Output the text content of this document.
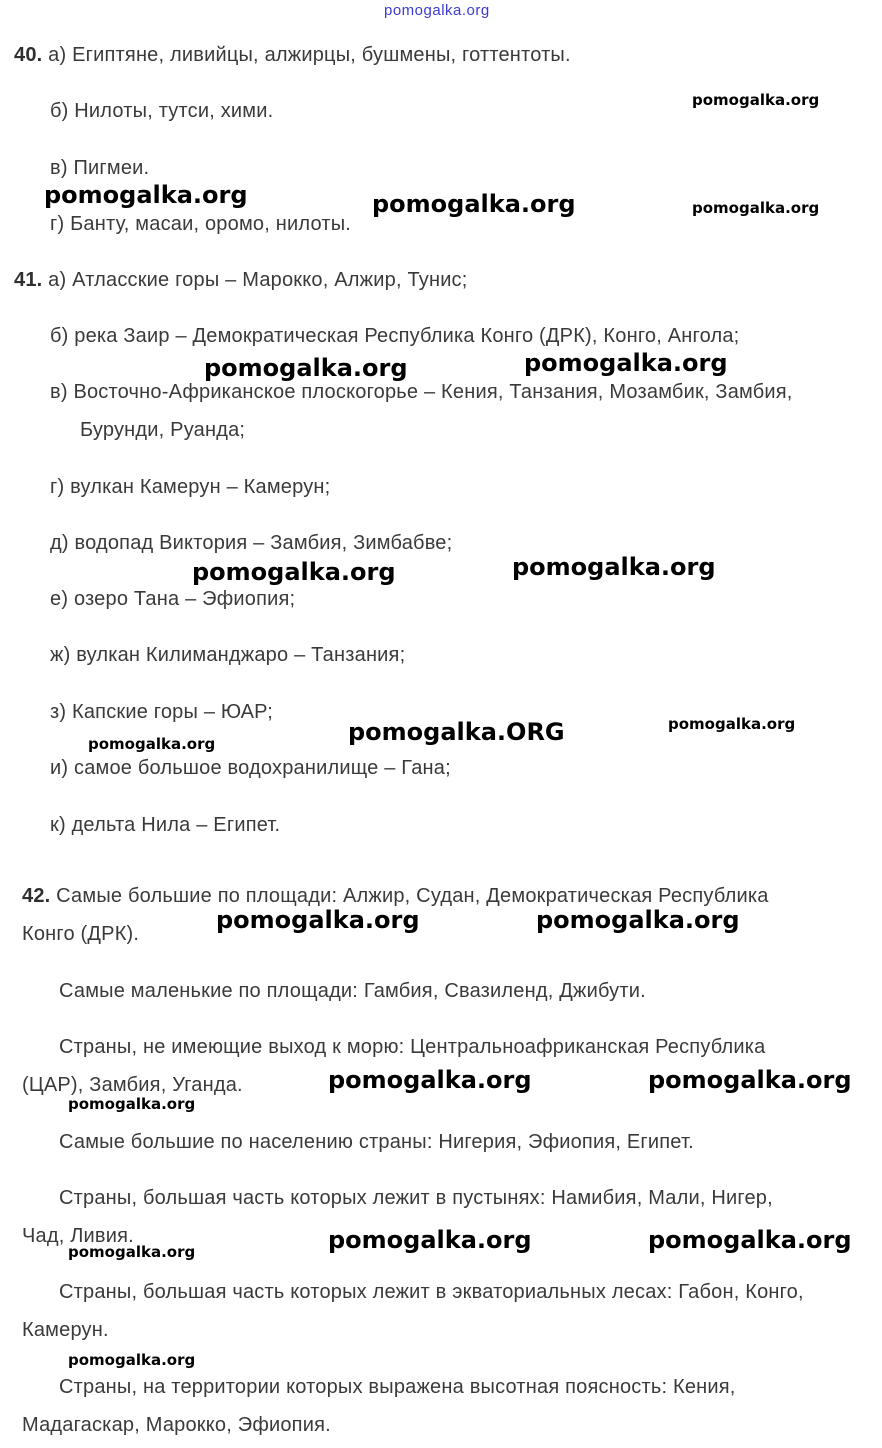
pomogalka.org
40. а) Египтяне, ливийцы, алжирцы, бушмены, готтентоты.
б) Нилоты, тутси, хими.
в) Пигмеи.
г) Банту, масаи, оромо, нилоты.
41. а) Атласские горы – Марокко, Алжир, Тунис;
б) река Заир – Демократическая Республика Конго (ДРК), Конго, Ангола;
в) Восточно-Африканское плоскогорье – Кения, Танзания, Мозамбик, Замбия,
Бурунди, Руанда;
г) вулкан Камерун – Камерун;
д) водопад Виктория – Замбия, Зимбабве;
е) озеро Тана – Эфиопия;
ж) вулкан Килиманджаро – Танзания;
з) Капские горы – ЮАР;
и) самое большое водохранилище – Гана;
к) дельта Нила – Египет.
42. Самые большие по площади: Алжир, Судан, Демократическая Республика
Конго (ДРК).
Самые маленькие по площади: Гамбия, Свазиленд, Джибути.
Страны, не имеющие выход к морю: Центральноафриканская Республика
(ЦАР), Замбия, Уганда.
Самые большие по населению страны: Нигерия, Эфиопия, Египет.
Страны, большая часть которых лежит в пустынях: Намибия, Мали, Нигер,
Чад, Ливия.
Страны, большая часть которых лежит в экваториальных лесах: Габон, Конго,
Камерун.
Страны, на территории которых выражена высотная поясность: Кения,
Мадагаскар, Марокко, Эфиопия.
pomogalka.org
pomogalka.org	pomogalka.org	pomogalka.org
pomogalka.org	pomogalka.org
pomogalka.org	pomogalka.org
pomogalka.ORG	pomogalka.org
pomogalka.org
pomogalka.org	pomogalka.org
pomogalka.org	pomogalka.org
pomogalka.org
pomogalka.org	pomogalka.org
pomogalka.org
pomogalka.org
